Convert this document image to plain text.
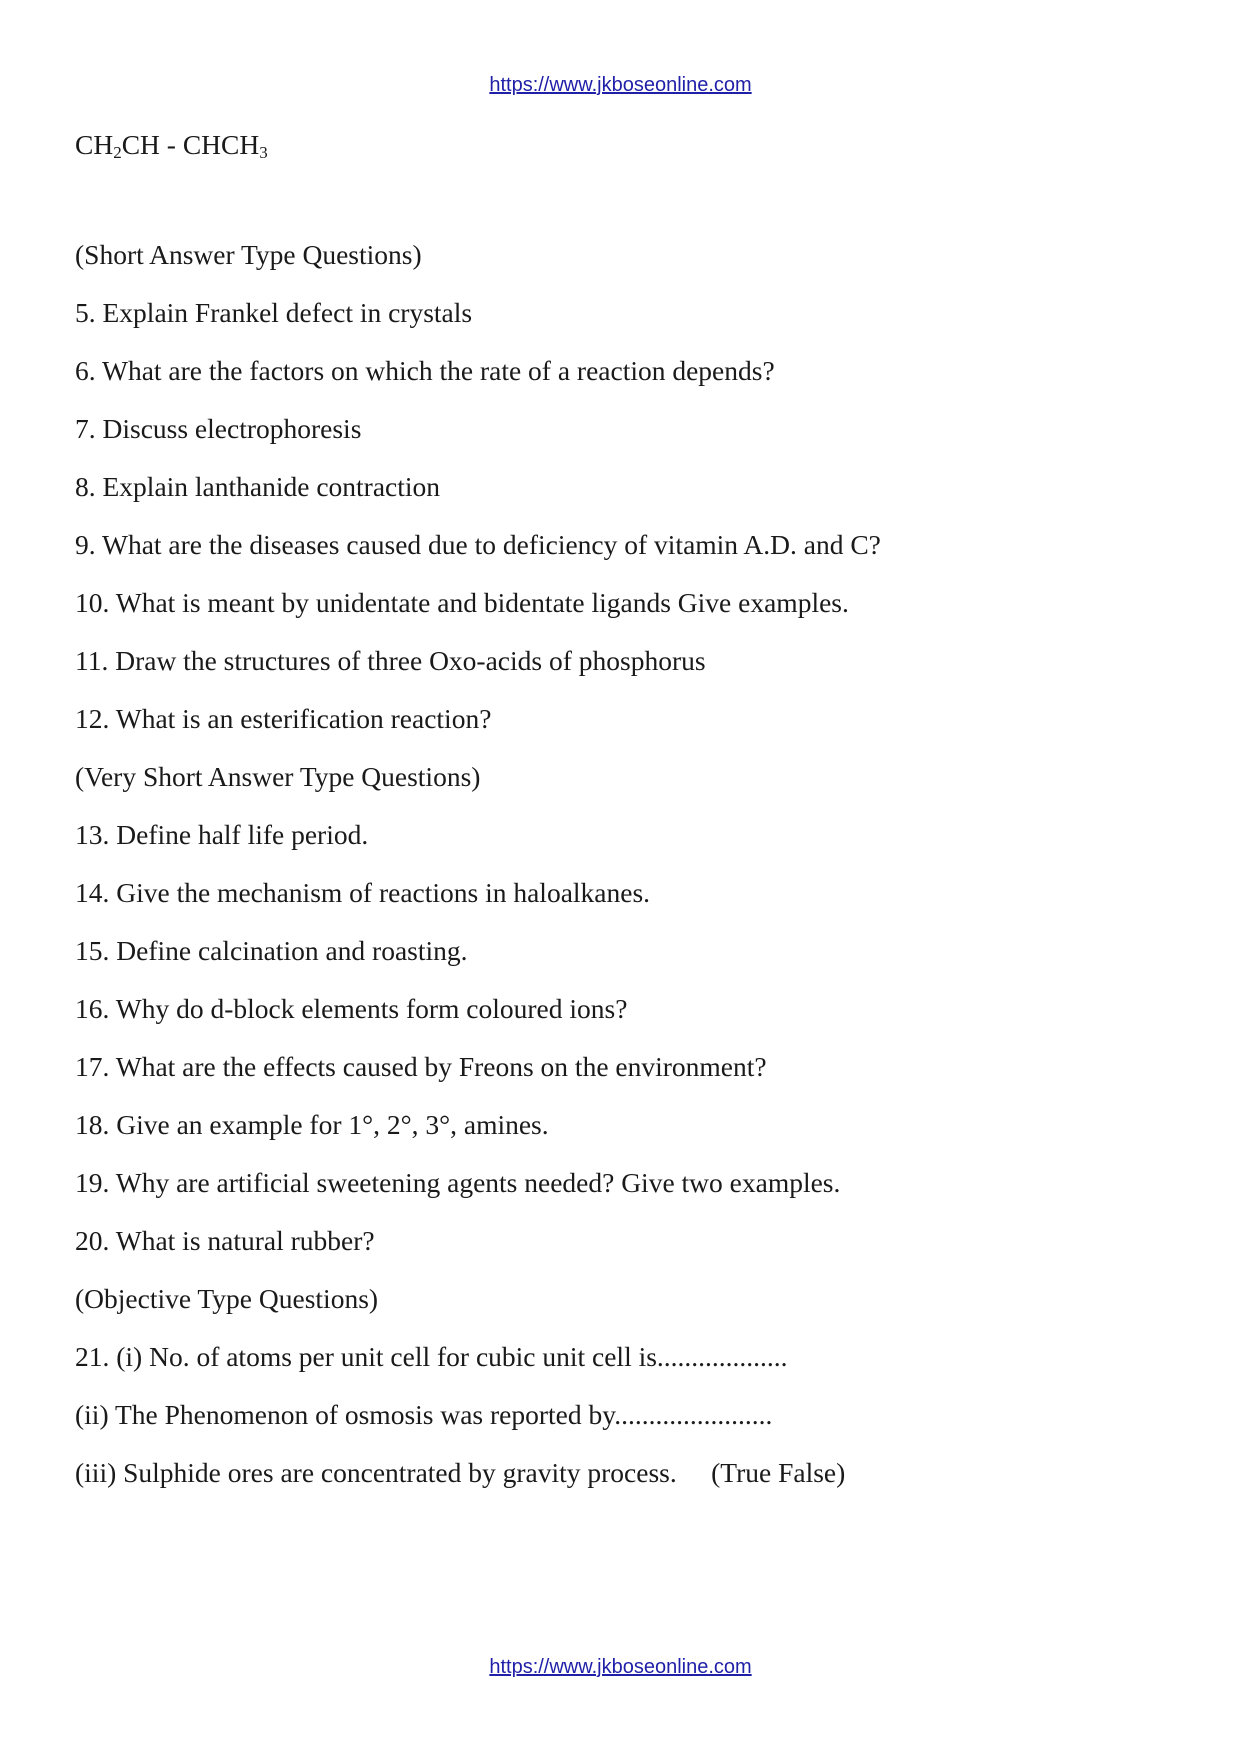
https://www.jkboseonline.com
$CH_2CH$ - $CHCH_3$
(Short Answer Type Questions)
5. Explain Frankel defect in crystals
6. What are the factors on which the rate of a reaction depends?
7. Discuss electrophoresis
8. Explain lanthanide contraction
9. What are the diseases caused due to deficiency of vitamin A.D. and C?
10. What is meant by unidentate and bidentate ligands Give examples.
11. Draw the structures of three Oxo-acids of phosphorus
12. What is an esterification reaction?
(Very Short Answer Type Questions)
13. Define half life period.
14. Give the mechanism of reactions in haloalkanes.
15. Define calcination and roasting.
16. Why do d-block elements form coloured ions?
17. What are the effects caused by Freons on the environment?
18. Give an example for 1°, 2°, 3°, amines.
19. Why are artificial sweetening agents needed? Give two examples.
20. What is natural rubber?
(Objective Type Questions)
21. (i) No. of atoms per unit cell for cubic unit cell is...................
(ii) The Phenomenon of osmosis was reported by.......................
(iii) Sulphide ores are concentrated by gravity process.     (True False)
https://www.jkboseonline.com
